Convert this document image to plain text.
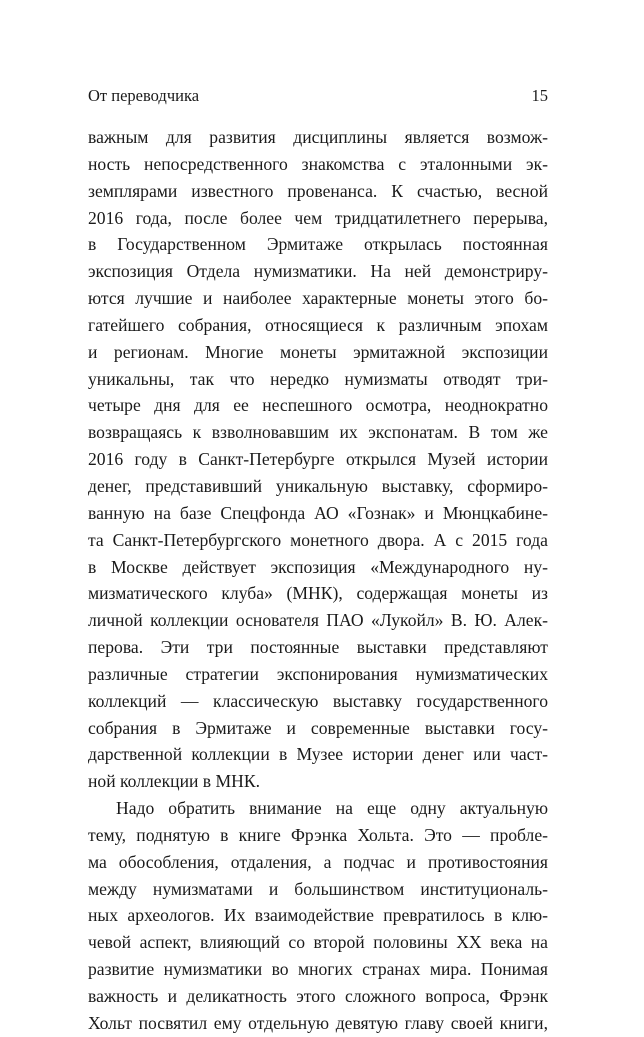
От переводчика	15
важным для развития дисциплины является возмож-
ность непосредственного знакомства с эталонными эк-
земплярами известного провенанса. К счастью, весной
2016 года, после более чем тридцатилетнего перерыва,
в Государственном Эрмитаже открылась постоянная
экспозиция Отдела нумизматики. На ней демонстриру-
ются лучшие и наиболее характерные монеты этого бо-
гатейшего собрания, относящиеся к различным эпохам
и регионам. Многие монеты эрмитажной экспозиции
уникальны, так что нередко нумизматы отводят три-
четыре дня для ее неспешного осмотра, неоднократно
возвращаясь к взволновавшим их экспонатам. В том же
2016 году в Санкт-Петербурге открылся Музей истории
денег, представивший уникальную выставку, сформиро-
ванную на базе Спецфонда АО «Гознак» и Мюнцкабине-
та Санкт-Петербургского монетного двора. А с 2015 года
в Москве действует экспозиция «Международного ну-
мизматического клуба» (МНК), содержащая монеты из
личной коллекции основателя ПАО «Лукойл» В. Ю. Алек-
перова. Эти три постоянные выставки представляют
различные стратегии экспонирования нумизматических
коллекций — классическую выставку государственного
собрания в Эрмитаже и современные выставки госу-
дарственной коллекции в Музее истории денег или част-
ной коллекции в МНК.
Надо обратить внимание на еще одну актуальную
тему, поднятую в книге Фрэнка Хольта. Это — пробле-
ма обособления, отдаления, а подчас и противостояния
между нумизматами и большинством институциональ-
ных археологов. Их взаимодействие превратилось в клю-
чевой аспект, влияющий со второй половины XX века на
развитие нумизматики во многих странах мира. Понимая
важность и деликатность этого сложного вопроса, Фрэнк
Хольт посвятил ему отдельную девятую главу своей книги,
